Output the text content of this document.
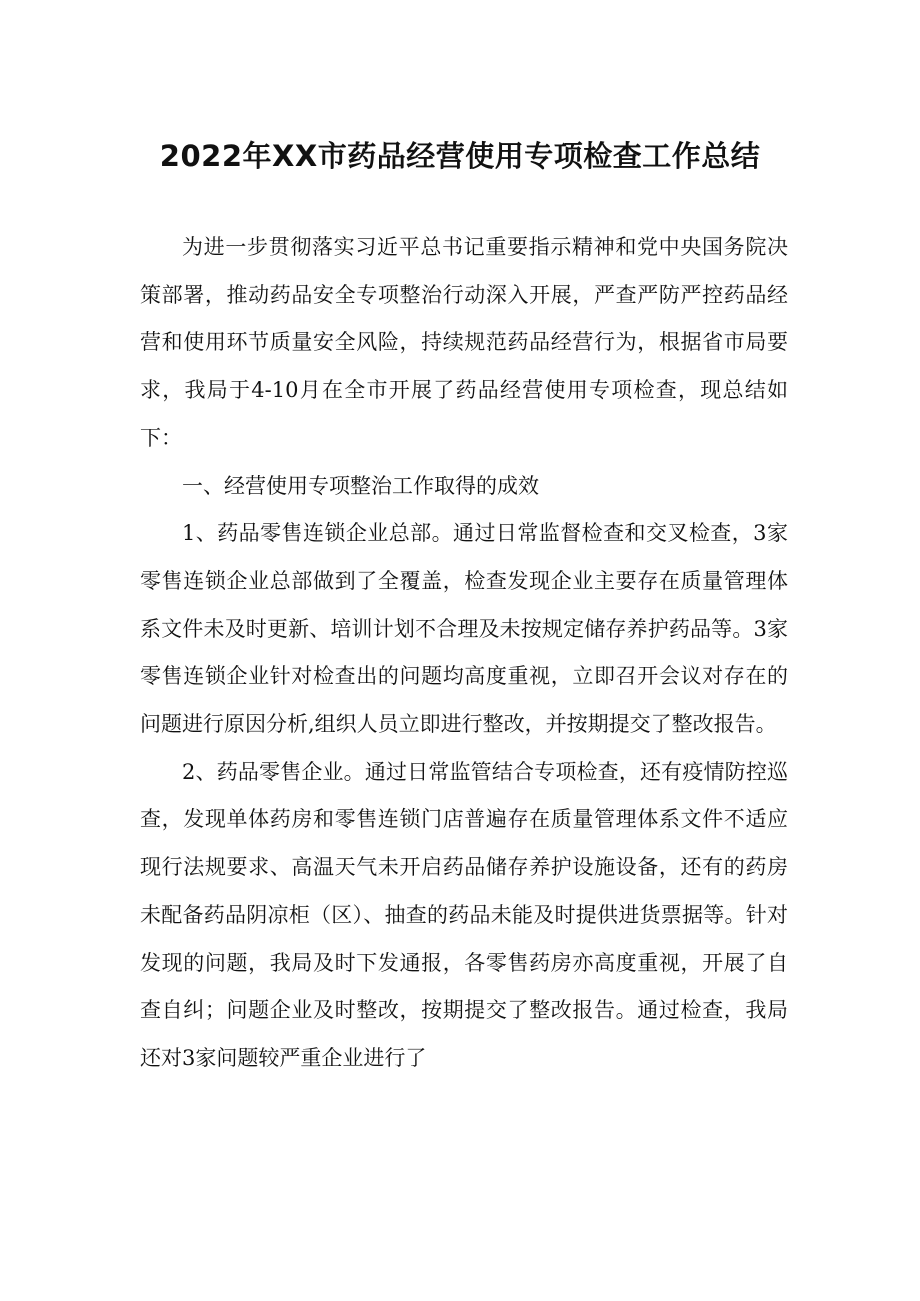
2022年XX市药品经营使用专项检查工作总结

为进一步贯彻落实习近平总书记重要指示精神和党中央国务院决策部署，推动药品安全专项整治行动深入开展，严查严防严控药品经营和使用环节质量安全风险，持续规范药品经营行为，根据省市局要求，我局于4-10月在全市开展了药品经营使用专项检查，现总结如下：

一、经营使用专项整治工作取得的成效

1、药品零售连锁企业总部。通过日常监督检查和交叉检查，3家零售连锁企业总部做到了全覆盖，检查发现企业主要存在质量管理体系文件未及时更新、培训计划不合理及未按规定储存养护药品等。3家零售连锁企业针对检查出的问题均高度重视，立即召开会议对存在的问题进行原因分析,组织人员立即进行整改，并按期提交了整改报告。

2、药品零售企业。通过日常监管结合专项检查，还有疫情防控巡查，发现单体药房和零售连锁门店普遍存在质量管理体系文件不适应现行法规要求、高温天气未开启药品储存养护设施设备，还有的药房未配备药品阴凉柜（区）、抽查的药品未能及时提供进货票据等。针对发现的问题，我局及时下发通报，各零售药房亦高度重视，开展了自查自纠；问题企业及时整改，按期提交了整改报告。通过检查，我局还对3家问题较严重企业进行了
